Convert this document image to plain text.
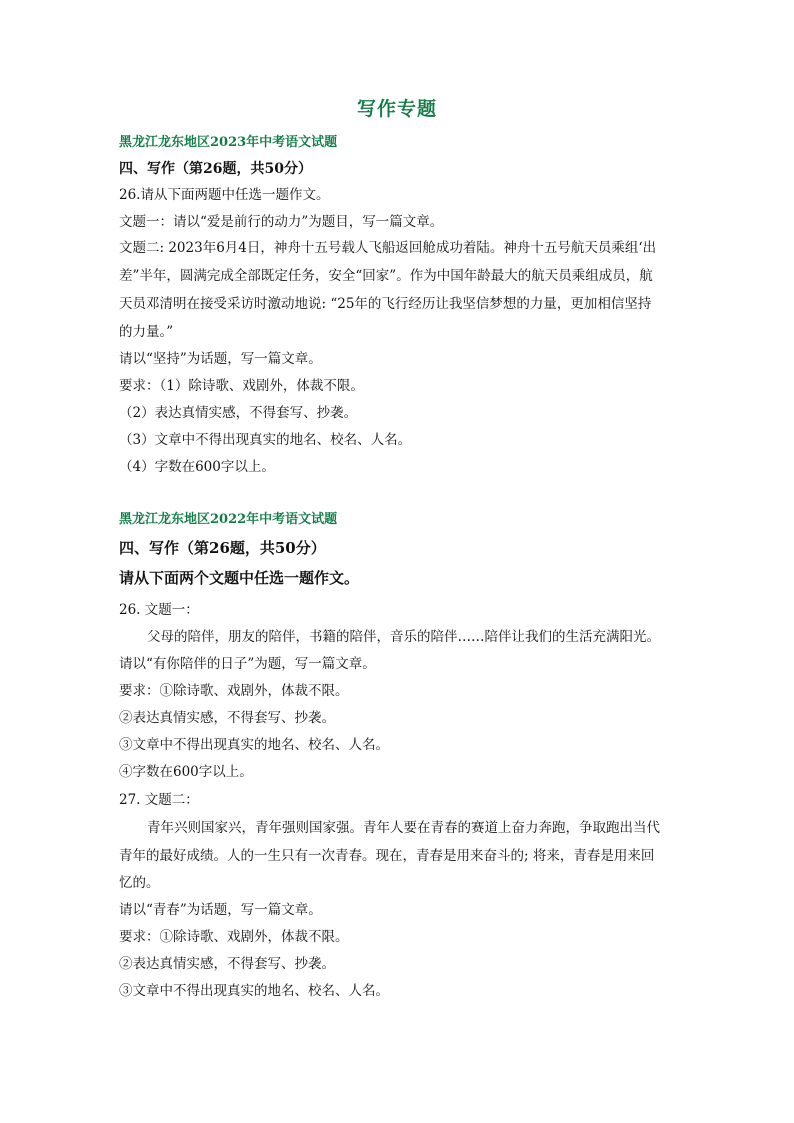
写作专题
黑龙江龙东地区2023年中考语文试题
四、写作（第26题，共50分）
26.请从下面两题中任选一题作文。
文题一：请以“爱是前行的动力”为题目，写一篇文章。
文题二: 2023年6月4日，神舟十五号载人飞船返回舱成功着陆。神舟十五号航天员乘组‘出
差”半年，圆满完成全部既定任务，安全“回家”。作为中国年龄最大的航天员乘组成员，航
天员邓清明在接受采访时激动地说: “25年的飞行经历让我坚信梦想的力量，更加相信坚持
的力量。”
请以“坚持”为话题，写一篇文章。
要求：（1）除诗歌、戏剧外，体裁不限。
（2）表达真情实感，不得套写、抄袭。
（3）文章中不得出现真实的地名、校名、人名。
（4）字数在600字以上。
黑龙江龙东地区2022年中考语文试题
四、写作（第26题，共50分）
请从下面两个文题中任选一题作文。
26. 文题一：
父母的陪伴，朋友的陪伴，书籍的陪伴，音乐的陪伴……陪伴让我们的生活充满阳光。
请以“有你陪伴的日子”为题，写一篇文章。
要求：①除诗歌、戏剧外，体裁不限。
②表达真情实感，不得套写、抄袭。
③文章中不得出现真实的地名、校名、人名。
④字数在600字以上。
27. 文题二：
青年兴则国家兴，青年强则国家强。青年人要在青春的赛道上奋力奔跑，争取跑出当代
青年的最好成绩。人的一生只有一次青春。现在，青春是用来奋斗的; 将来，青春是用来回
忆的。
请以“青春”为话题，写一篇文章。
要求：①除诗歌、戏剧外，体裁不限。
②表达真情实感，不得套写、抄袭。
③文章中不得出现真实的地名、校名、人名。
